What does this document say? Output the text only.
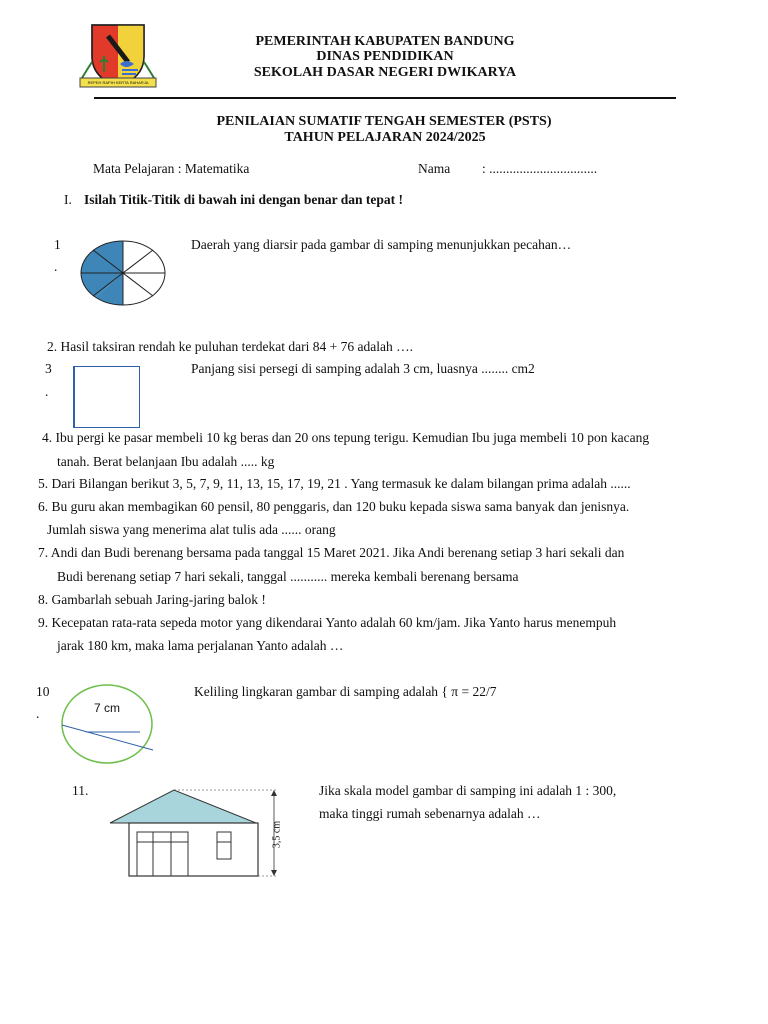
REPEH RAPIH KERTA RAHARJA
PEMERINTAH KABUPATEN BANDUNG
DINAS PENDIDIKAN
SEKOLAH DASAR NEGERI DWIKARYA
PENILAIAN SUMATIF TENGAH SEMESTER (PSTS)
TAHUN PELAJARAN 2024/2025
Mata Pelajaran : Matematika	Nama : ................................
I. Isilah Titik-Titik di bawah ini dengan benar dan tepat !
1
.
Daerah yang diarsir pada gambar di samping menunjukkan pecahan…
2. Hasil taksiran rendah ke puluhan terdekat dari 84 + 76 adalah ….
3
.
Panjang sisi persegi di samping adalah 3 cm, luasnya ........ cm2
4. Ibu pergi ke pasar membeli 10 kg beras dan 20 ons tepung terigu. Kemudian Ibu juga membeli 10 pon kacang
tanah. Berat belanjaan Ibu adalah ..... kg
5. Dari Bilangan berikut 3, 5, 7, 9, 11, 13, 15, 17, 19, 21 . Yang termasuk ke dalam bilangan prima adalah ......
6. Bu guru akan membagikan 60 pensil, 80 penggaris, dan 120 buku kepada siswa sama banyak dan jenisnya.
Jumlah siswa yang menerima alat tulis ada ...... orang
7. Andi dan Budi berenang bersama pada tanggal 15 Maret 2021. Jika Andi berenang setiap 3 hari sekali dan
Budi berenang setiap 7 hari sekali, tanggal ........... mereka kembali berenang bersama
8. Gambarlah sebuah Jaring-jaring balok !
9. Kecepatan rata-rata sepeda motor yang dikendarai Yanto adalah 60 km/jam. Jika Yanto harus menempuh
jarak 180 km, maka lama perjalanan Yanto adalah …
10
.	7 cm
Keliling lingkaran gambar di samping adalah { π = 22/7
11.
3,5 cm
Jika skala model gambar di samping ini adalah 1 : 300,
maka tinggi rumah sebenarnya adalah …
